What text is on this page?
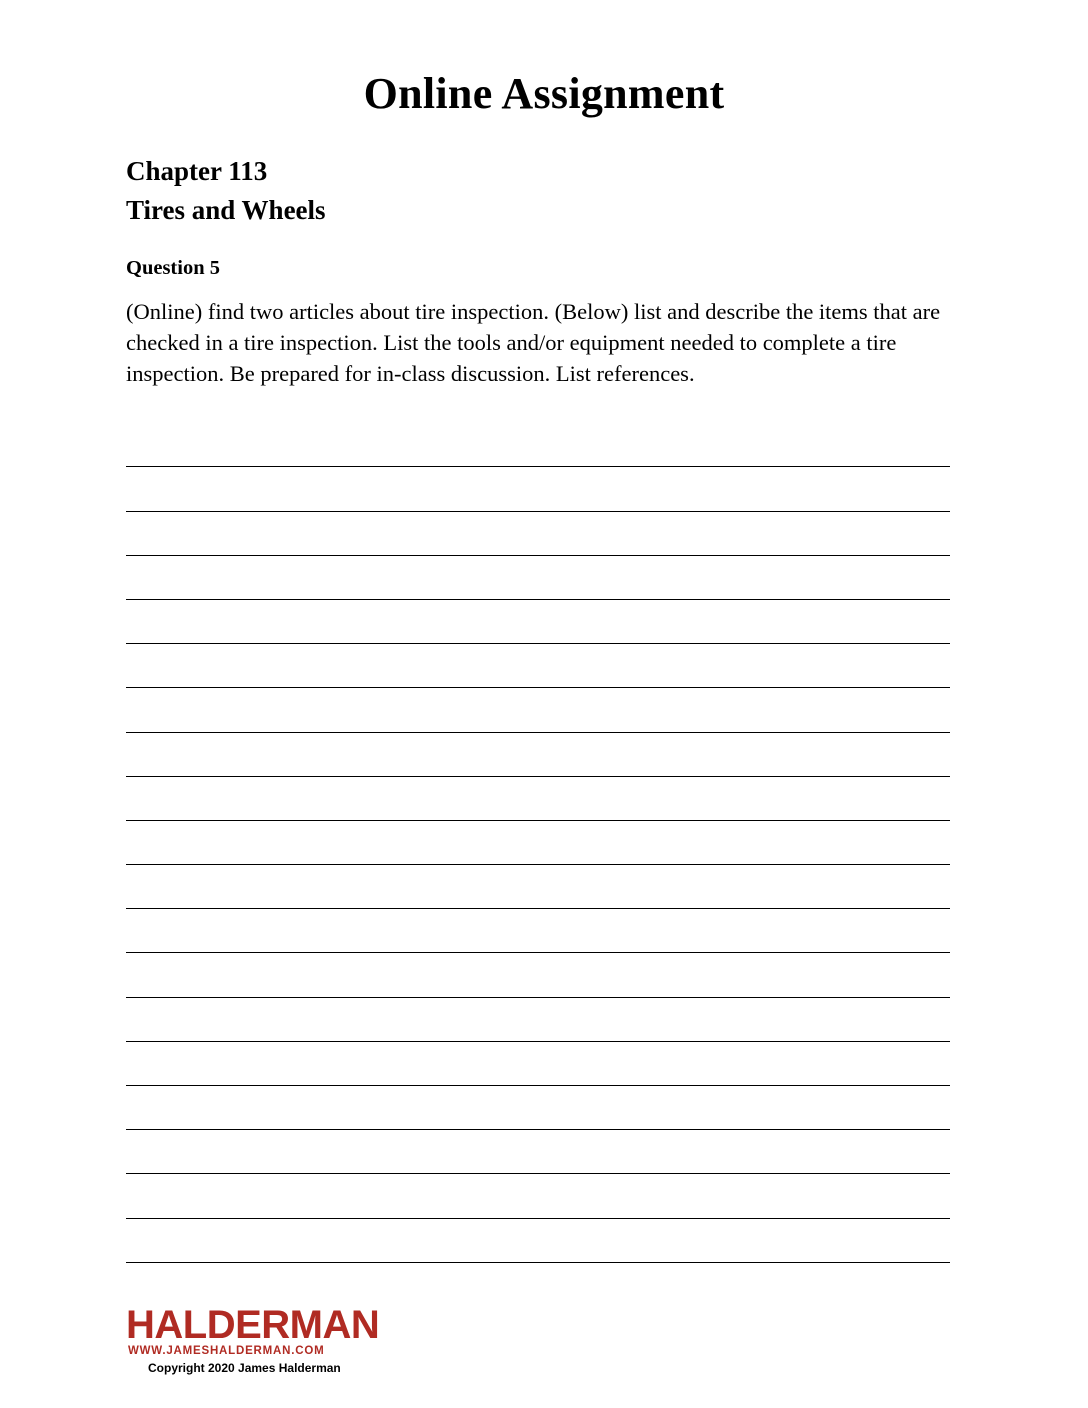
Online Assignment

Chapter 113

Tires and Wheels

Question 5

(Online) find two articles about tire inspection. (Below) list and describe the items that are checked in a tire inspection. List the tools and/or equipment needed to complete a tire inspection. Be prepared for in-class discussion. List references.

HALDERMAN

WWW.JAMESHALDERMAN.COM

Copyright 2020 James Halderman
